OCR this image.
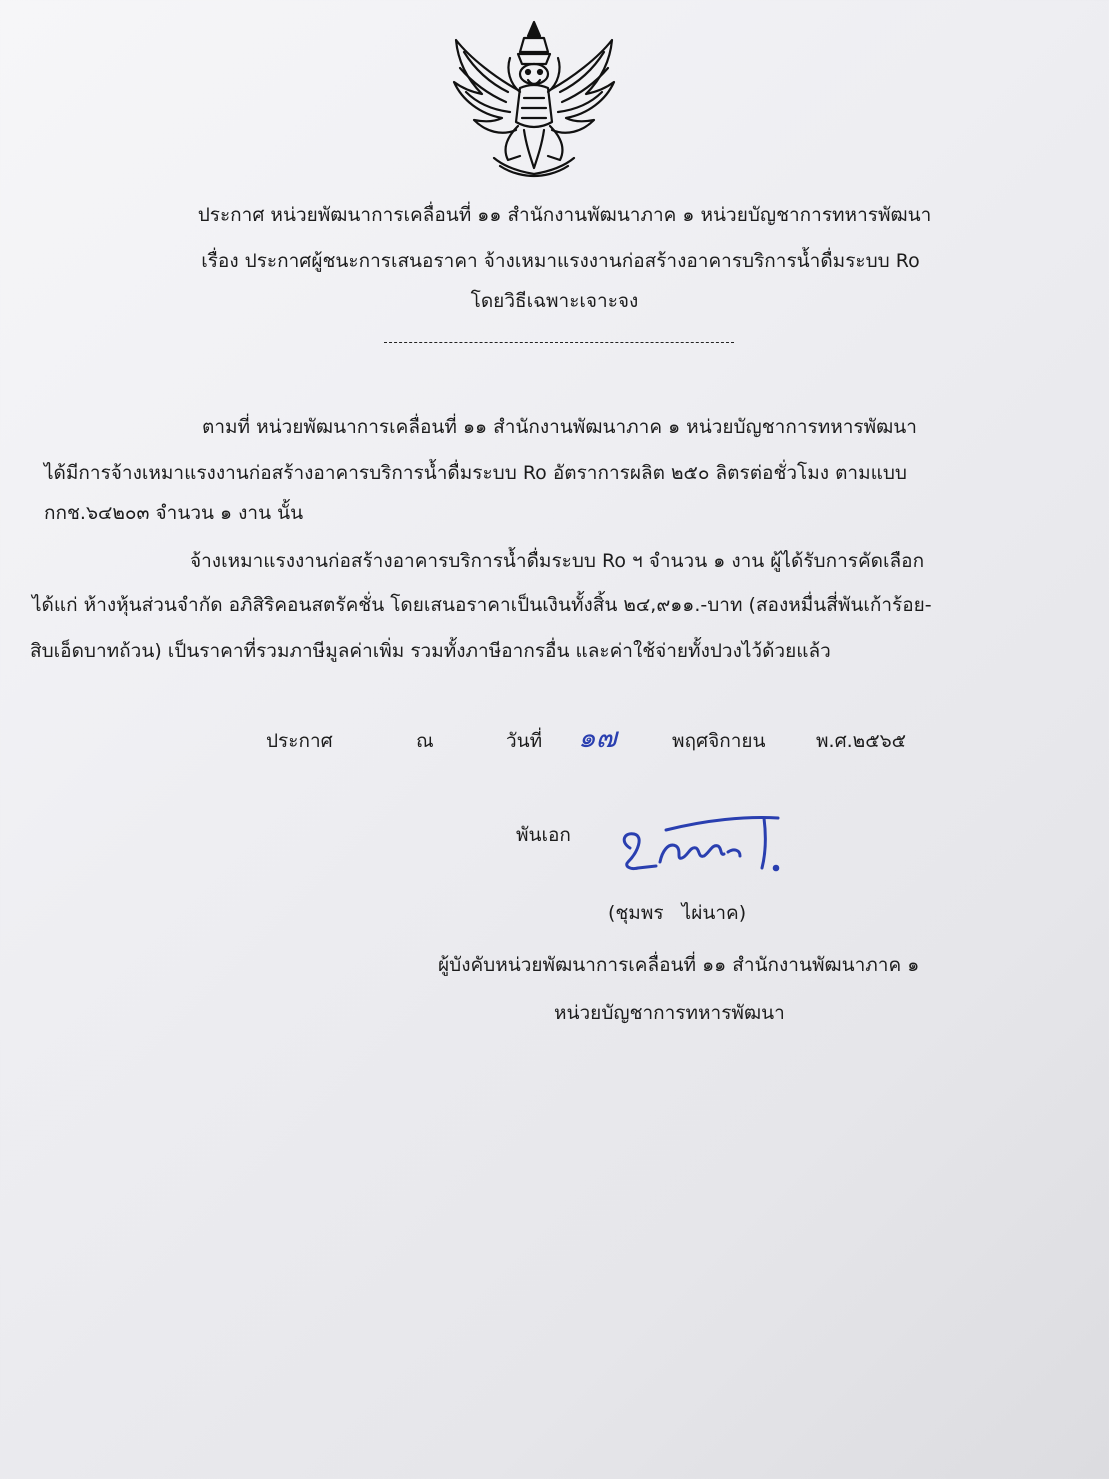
ประกาศ หน่วยพัฒนาการเคลื่อนที่ ๑๑ สำนักงานพัฒนาภาค ๑ หน่วยบัญชาการทหารพัฒนา
เรื่อง ประกาศผู้ชนะการเสนอราคา จ้างเหมาแรงงานก่อสร้างอาคารบริการน้ำดื่มระบบ Ro
โดยวิธีเฉพาะเจาะจง
ตามที่ หน่วยพัฒนาการเคลื่อนที่ ๑๑ สำนักงานพัฒนาภาค ๑ หน่วยบัญชาการทหารพัฒนา
ได้มีการจ้างเหมาแรงงานก่อสร้างอาคารบริการน้ำดื่มระบบ Ro อัตราการผลิต ๒๕๐ ลิตรต่อชั่วโมง ตามแบบ
กกช.๖๔๒๐๓ จำนวน ๑ งาน นั้น
จ้างเหมาแรงงานก่อสร้างอาคารบริการน้ำดื่มระบบ Ro ฯ จำนวน ๑ งาน ผู้ได้รับการคัดเลือก
ได้แก่ ห้างหุ้นส่วนจำกัด อภิสิริคอนสตรัคชั่น โดยเสนอราคาเป็นเงินทั้งสิ้น ๒๔,๙๑๑.-บาท (สองหมื่นสี่พันเก้าร้อย-
สิบเอ็ดบาทถ้วน) เป็นราคาที่รวมภาษีมูลค่าเพิ่ม รวมทั้งภาษีอากรอื่น และค่าใช้จ่ายทั้งปวงไว้ด้วยแล้ว
ประกาศ	ณ	วันที่ ๑๗	พฤศจิกายน	พ.ศ.๒๕๖๕
พันเอก
(ชุมพร   ไผ่นาค)
ผู้บังคับหน่วยพัฒนาการเคลื่อนที่ ๑๑ สำนักงานพัฒนาภาค ๑
หน่วยบัญชาการทหารพัฒนา
